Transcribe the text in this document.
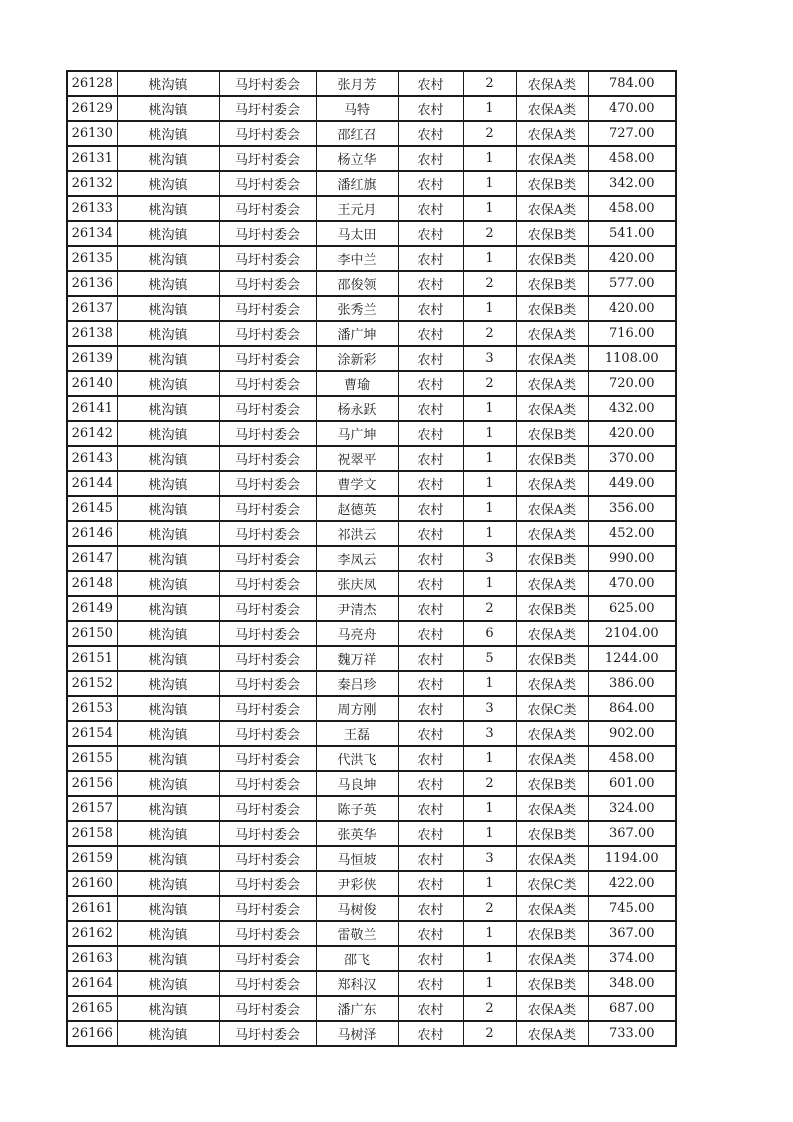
26128	桃沟镇	马圩村委会	张月芳	农村	2	农保A类	784.00
26129	桃沟镇	马圩村委会	马特	农村	1	农保A类	470.00
26130	桃沟镇	马圩村委会	邵红召	农村	2	农保A类	727.00
26131	桃沟镇	马圩村委会	杨立华	农村	1	农保A类	458.00
26132	桃沟镇	马圩村委会	潘红旗	农村	1	农保B类	342.00
26133	桃沟镇	马圩村委会	王元月	农村	1	农保A类	458.00
26134	桃沟镇	马圩村委会	马太田	农村	2	农保B类	541.00
26135	桃沟镇	马圩村委会	李中兰	农村	1	农保B类	420.00
26136	桃沟镇	马圩村委会	邵俊领	农村	2	农保B类	577.00
26137	桃沟镇	马圩村委会	张秀兰	农村	1	农保B类	420.00
26138	桃沟镇	马圩村委会	潘广坤	农村	2	农保A类	716.00
26139	桃沟镇	马圩村委会	涂新彩	农村	3	农保A类	1108.00
26140	桃沟镇	马圩村委会	曹瑜	农村	2	农保A类	720.00
26141	桃沟镇	马圩村委会	杨永跃	农村	1	农保A类	432.00
26142	桃沟镇	马圩村委会	马广坤	农村	1	农保B类	420.00
26143	桃沟镇	马圩村委会	祝翠平	农村	1	农保B类	370.00
26144	桃沟镇	马圩村委会	曹学文	农村	1	农保A类	449.00
26145	桃沟镇	马圩村委会	赵德英	农村	1	农保A类	356.00
26146	桃沟镇	马圩村委会	祁洪云	农村	1	农保A类	452.00
26147	桃沟镇	马圩村委会	李凤云	农村	3	农保B类	990.00
26148	桃沟镇	马圩村委会	张庆凤	农村	1	农保A类	470.00
26149	桃沟镇	马圩村委会	尹清杰	农村	2	农保B类	625.00
26150	桃沟镇	马圩村委会	马亮舟	农村	6	农保A类	2104.00
26151	桃沟镇	马圩村委会	魏万祥	农村	5	农保B类	1244.00
26152	桃沟镇	马圩村委会	秦吕珍	农村	1	农保A类	386.00
26153	桃沟镇	马圩村委会	周方刚	农村	3	农保C类	864.00
26154	桃沟镇	马圩村委会	王磊	农村	3	农保A类	902.00
26155	桃沟镇	马圩村委会	代洪飞	农村	1	农保A类	458.00
26156	桃沟镇	马圩村委会	马良坤	农村	2	农保B类	601.00
26157	桃沟镇	马圩村委会	陈子英	农村	1	农保A类	324.00
26158	桃沟镇	马圩村委会	张英华	农村	1	农保B类	367.00
26159	桃沟镇	马圩村委会	马恒坡	农村	3	农保A类	1194.00
26160	桃沟镇	马圩村委会	尹彩侠	农村	1	农保C类	422.00
26161	桃沟镇	马圩村委会	马树俊	农村	2	农保A类	745.00
26162	桃沟镇	马圩村委会	雷敬兰	农村	1	农保B类	367.00
26163	桃沟镇	马圩村委会	邵飞	农村	1	农保A类	374.00
26164	桃沟镇	马圩村委会	郑科汉	农村	1	农保B类	348.00
26165	桃沟镇	马圩村委会	潘广东	农村	2	农保A类	687.00
26166	桃沟镇	马圩村委会	马树泽	农村	2	农保A类	733.00
